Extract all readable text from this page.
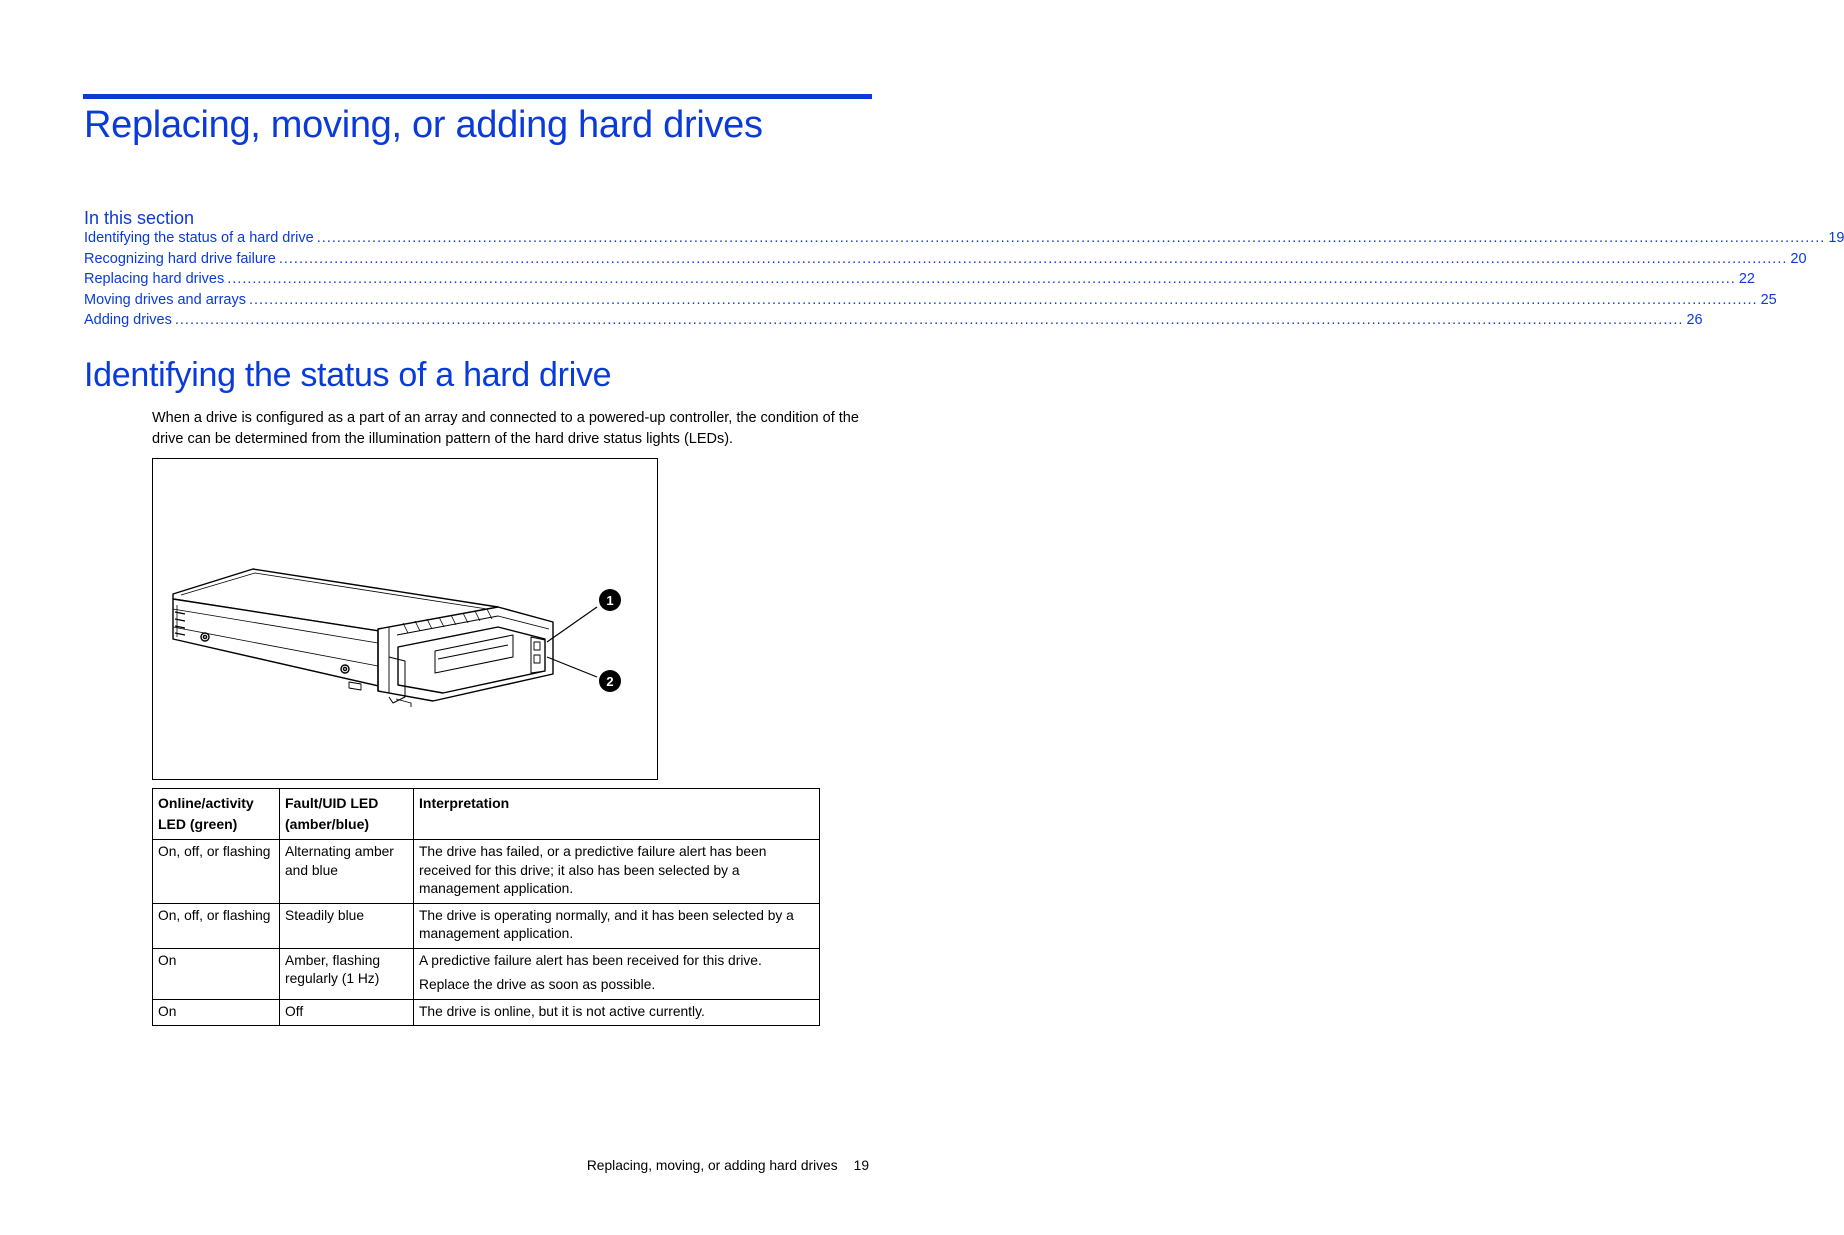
Replacing, moving, or adding hard drives
In this section
Identifying the status of a hard drive ............................................................................................................................................................................................................................................................................................................ 19
Recognizing hard drive failure ............................................................................................................................................................................................................................................................................................................ 20
Replacing hard drives ............................................................................................................................................................................................................................................................................................................ 22
Moving drives and arrays ............................................................................................................................................................................................................................................................................................................ 25
Adding drives ............................................................................................................................................................................................................................................................................................................ 26
Identifying the status of a hard drive

When a drive is configured as a part of an array and connected to a powered-up controller, the condition of the drive can be determined from the illumination pattern of the hard drive status lights (LEDs).

1
2
Online/activity LED (green)	Fault/UID LED (amber/blue)	Interpretation
On, off, or flashing	Alternating amber and blue	The drive has failed, or a predictive failure alert has been received for this drive; it also has been selected by a management application.

On, off, or flashing	Steadily blue	The drive is operating normally, and it has been selected by a management application.

On	Amber, flashing regularly (1 Hz)	A predictive failure alert has been received for this drive.
Replace the drive as soon as possible.

On	Off	The drive is online, but it is not active currently.
Replacing, moving, or adding hard drives 19
